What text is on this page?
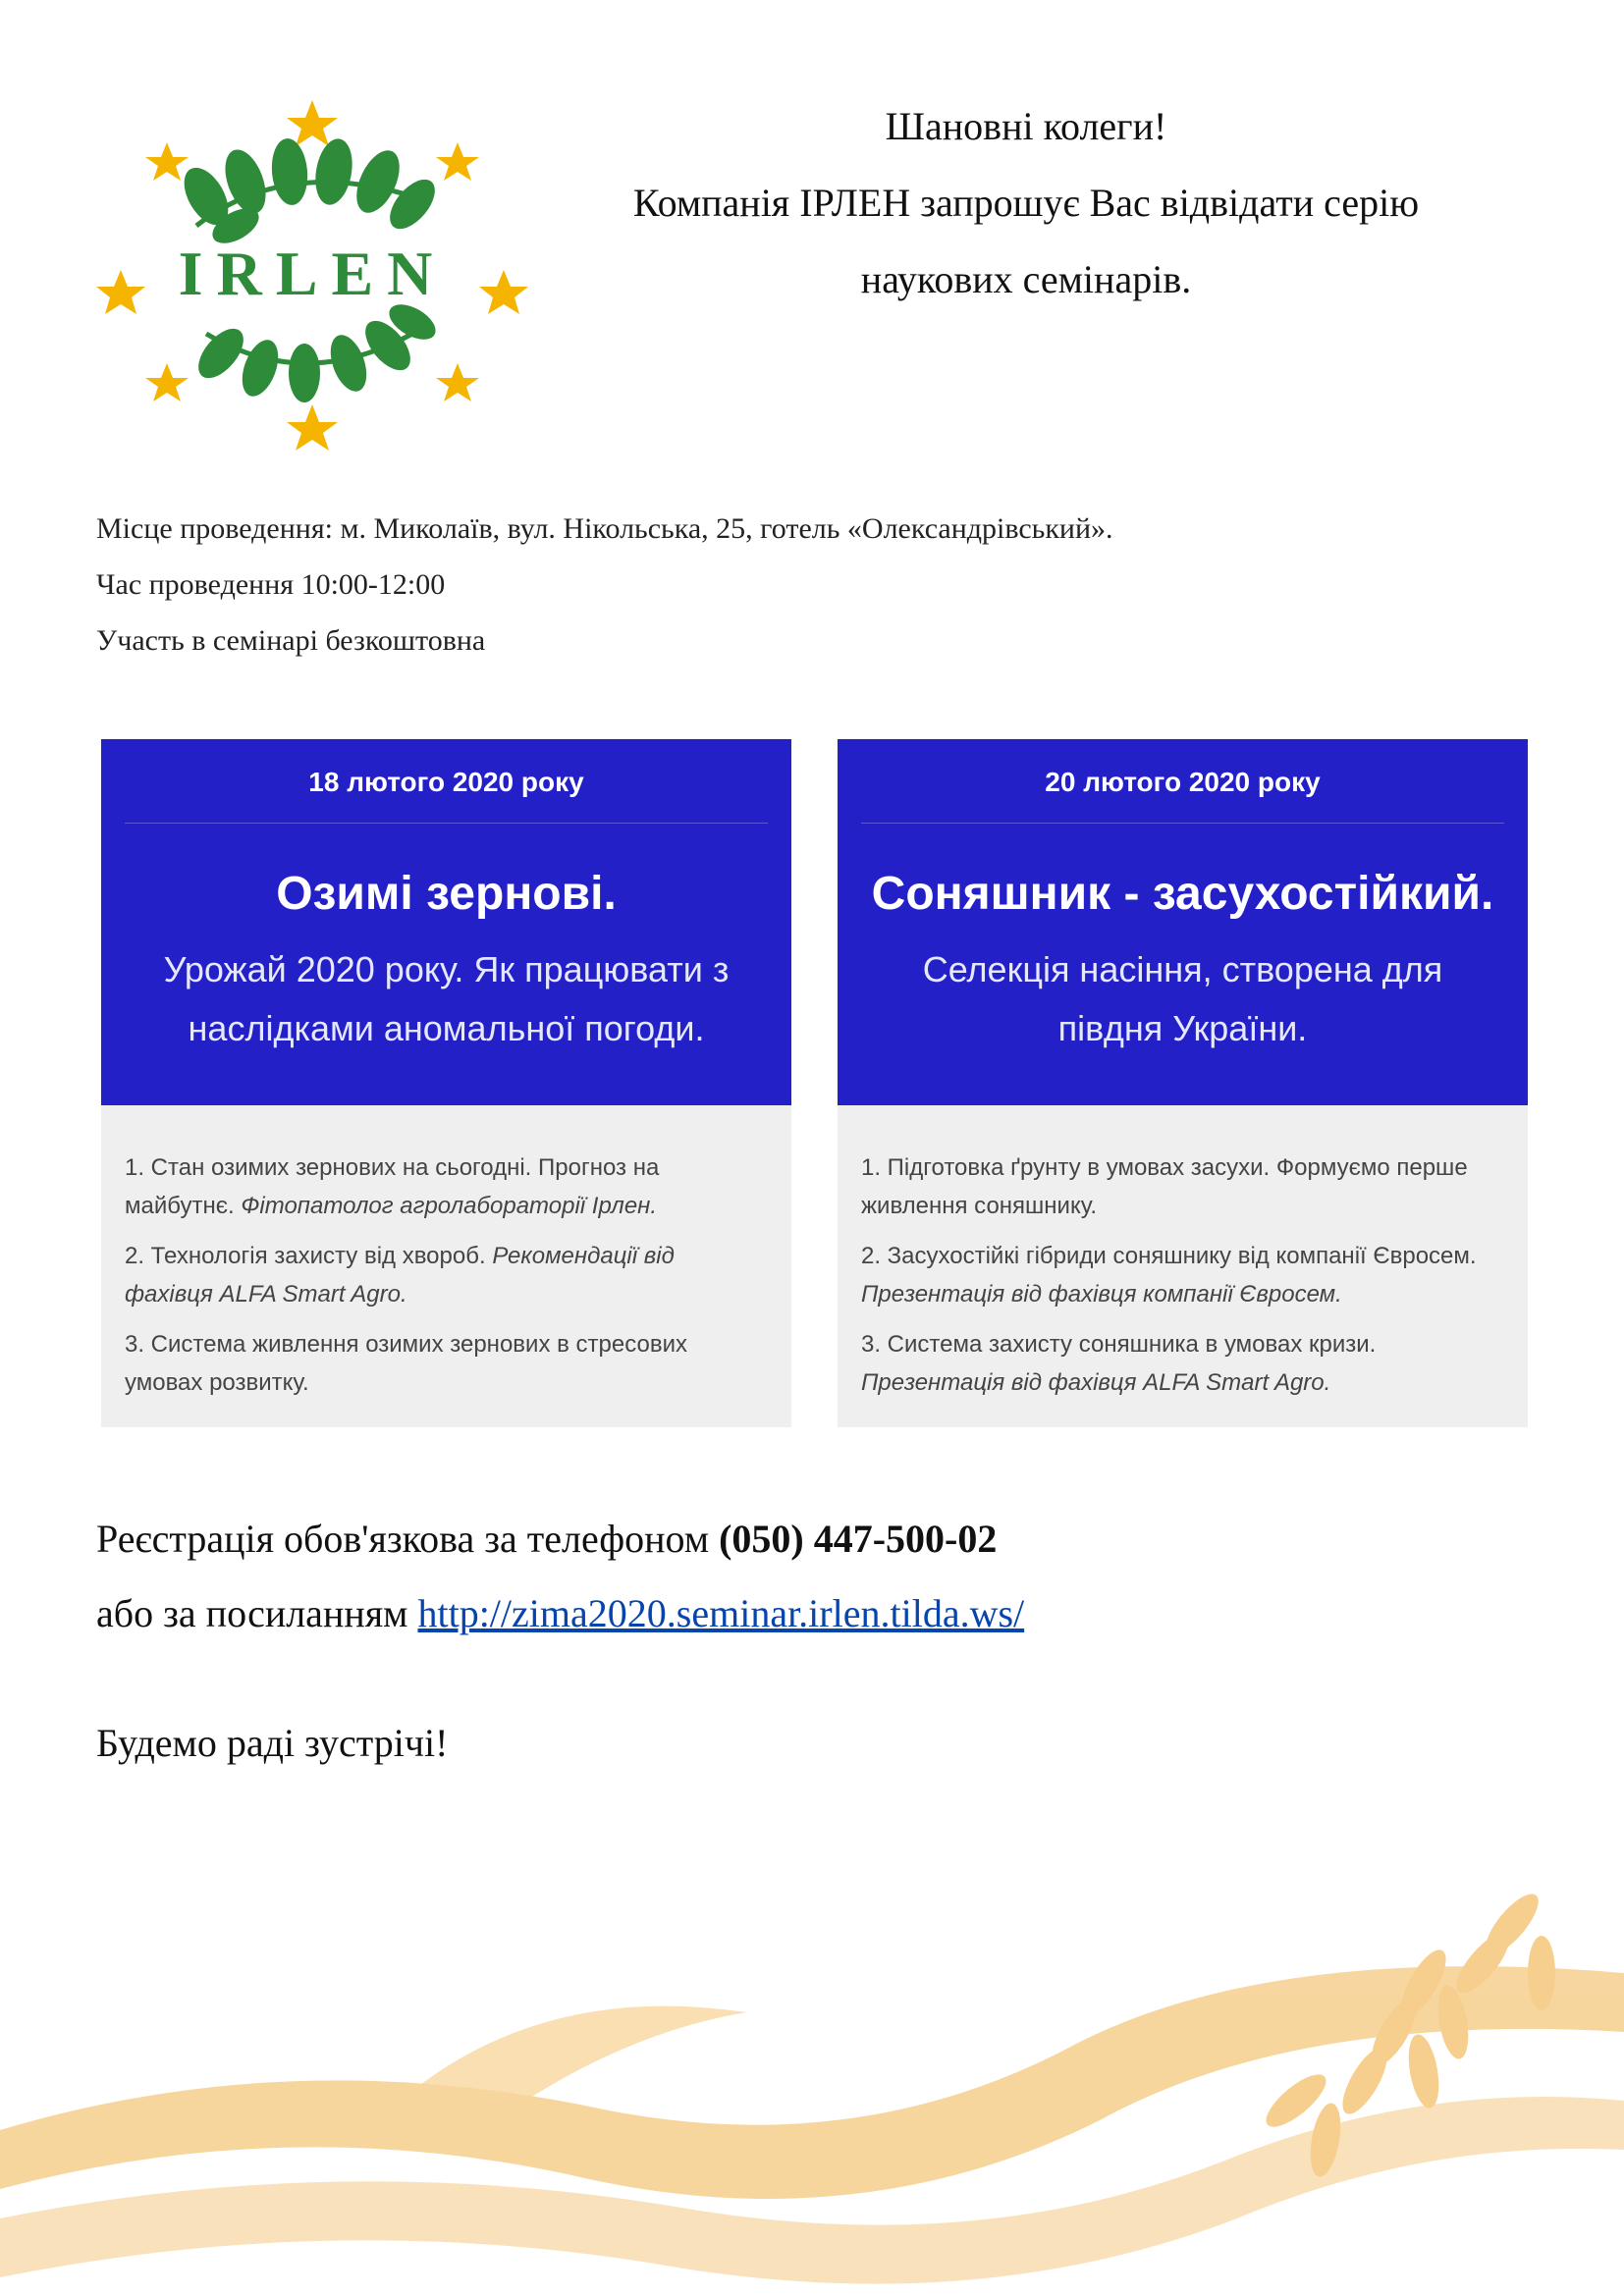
IRLEN
Шановні колеги!
Компанія ІРЛЕН запрошує Вас відвідати серію
наукових семінарів.
Місце проведення: м. Миколаїв, вул. Нікольська, 25, готель «Олександрівський».
Час проведення 10:00-12:00
Участь в семінарі безкоштовна
18 лютого 2020 року
Озимі зернові.
Урожай 2020 року. Як працювати з
наслідками аномальної погоди.
1. Стан озимих зернових на сьогодні. Прогноз на майбутнє. Фітопатолог агролабораторії Ірлен.
2. Технологія захисту від хвороб. Рекомендації від фахівця ALFA Smart Agro.
3. Система живлення озимих зернових в стресових умовах розвитку.
20 лютого 2020 року
Соняшник - засухостійкий.
Селекція насіння, створена для
півдня України.
1. Підготовка ґрунту в умовах засухи. Формуємо перше живлення соняшнику.
2. Засухостійкі гібриди соняшнику від компанії Євросем. Презентація від фахівця компанії Євросем.
3. Система захисту соняшника в умовах кризи. Презентація від фахівця ALFA Smart Agro.
Реєстрація обов'язкова за телефоном (050) 447-500-02
або за посиланням http://zima2020.seminar.irlen.tilda.ws/
Будемо раді зустрічі!
